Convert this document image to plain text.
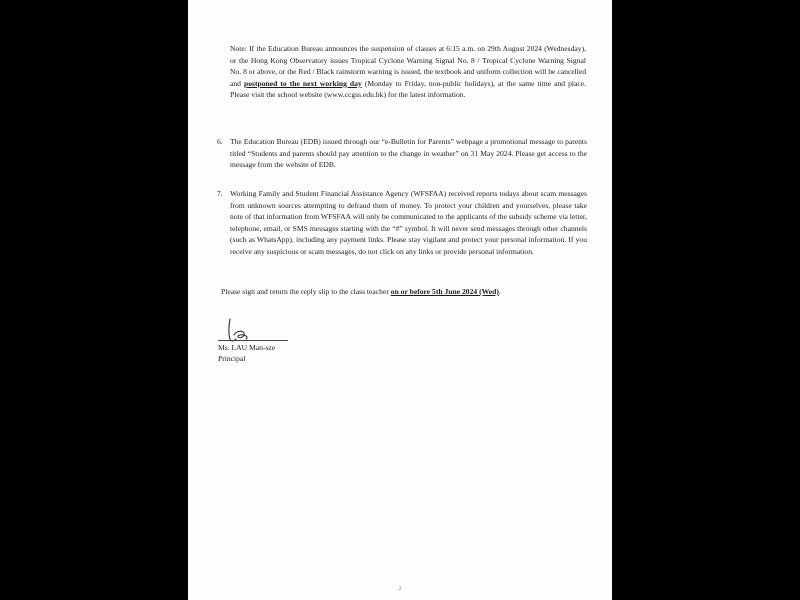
Note: If the Education Bureau announces the suspension of classes at 6:15 a.m. on 29th August 2024 (Wednesday), or the Hong Kong Observatory issues Tropical Cyclone Warning Signal No. 8 / Tropical Cyclone Warning Signal No. 8 or above, or the Red / Black rainstorm warning is issued, the textbook and uniform collection will be cancelled and postponed to the next working day (Monday to Friday, non-public holidays), at the same time and place. Please visit the school website (www.ccgss.edu.hk) for the latest information.
6. The Education Bureau (EDB) issued through our “e-Bulletin for Parents” webpage a promotional message to parents titled “Students and parents should pay attention to the change in weather” on 31 May 2024. Please get access to the message from the website of EDB.
7. Working Family and Student Financial Assistance Agency (WFSFAA) received reports todays about scam messages from unknown sources attempting to defraud them of money. To protect your children and yourselves, please take note of that information from WFSFAA will only be communicated to the applicants of the subsidy scheme via letter, telephone, email, or SMS messages starting with the “#” symbol. It will never send messages through other channels (such as WhatsApp), including any payment links. Please stay vigilant and protect your personal information. If you receive any suspicious or scam messages, do not click on any links or provide personal information.
Please sign and return the reply slip to the class teacher on or before 5th June 2024 (Wed).
Ms. LAU Man-sze
Principal
2
